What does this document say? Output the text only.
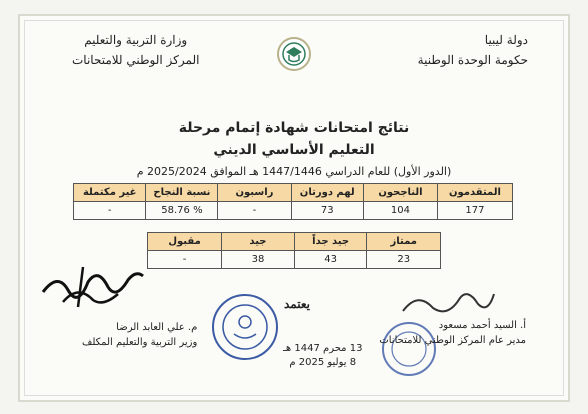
دولة ليبيا
حكومة الوحدة الوطنية
وزارة التربية والتعليم
المركز الوطني للامتحانات
نتائج امتحانات شهادة إتمام مرحلة
التعليم الأساسي الديني
(الدور الأول) للعام الدراسي 1447/1446 هـ الموافق 2025/2024 م
المتقدمون	الناجحون	لهم دورتان	راسبون	نسبة النجاح	غير مكتملة
177	104	73	-	% 58.76	-
ممتاز	جيد جداً	جيد	مقبول
23	43	38	-
يعتمد
م. علي العابد الرضا
وزير التربية والتعليم المكلف
أ. السيد أحمد مسعود
مدير عام المركز الوطني للامتحانات
13 محرم 1447 هـ
8 يوليو 2025 م
